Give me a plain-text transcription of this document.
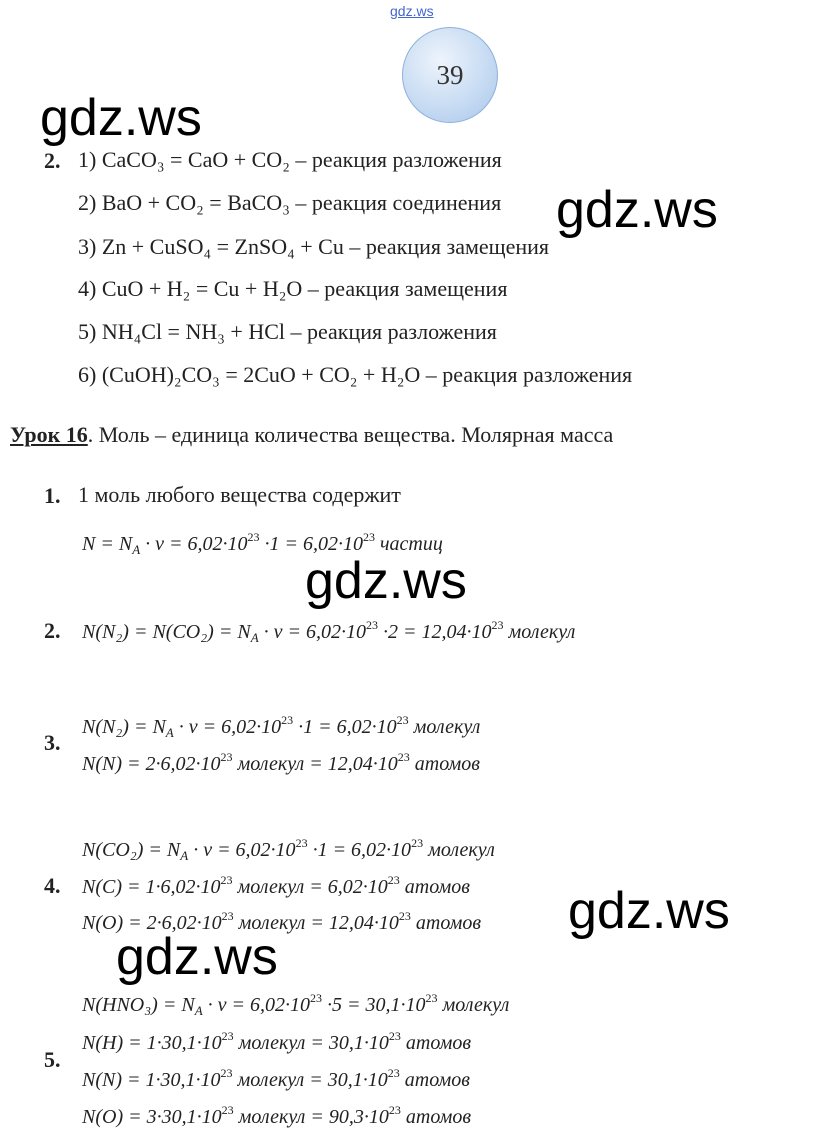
gdz.ws
39
gdz.ws
gdz.ws
gdz.ws
gdz.ws
gdz.ws
2. 1) CaCO₃ = CaO + CO₂ – реакция разложения
2) BaO + CO₂ = BaCO₃ – реакция соединения
3) Zn + CuSO₄ = ZnSO₄ + Cu – реакция замещения
4) CuO + H₂ = Cu + H₂O – реакция замещения
5) NH₄Cl = NH₃ + HCl – реакция разложения
6) (CuOH)₂CO₃ = 2CuO + CO₂ + H₂O – реакция разложения
Урок 16. Моль – единица количества вещества. Молярная масса
1. 1 моль любого вещества содержит
$N = N_A \cdot \nu = 6,02\cdot 10^{23} \cdot 1 = 6,02\cdot 10^{23}$ частиц
2. $N(N_2) = N(CO_2) = N_A \cdot \nu = 6,02\cdot 10^{23} \cdot 2 = 12,04\cdot 10^{23}$ молекул
3.
$N(N_2) = N_A \cdot \nu = 6,02\cdot 10^{23} \cdot 1 = 6,02\cdot 10^{23}$ молекул
$N(N) = 2\cdot 6,02\cdot 10^{23}$ молекул = $12,04\cdot 10^{23}$ атомов
4.
$N(CO_2) = N_A \cdot \nu = 6,02\cdot 10^{23} \cdot 1 = 6,02\cdot 10^{23}$ молекул
$N(C) = 1\cdot 6,02\cdot 10^{23}$ молекул = $6,02\cdot 10^{23}$ атомов
$N(O) = 2\cdot 6,02\cdot 10^{23}$ молекул = $12,04\cdot 10^{23}$ атомов
5.
$N(HNO_3) = N_A \cdot \nu = 6,02\cdot 10^{23} \cdot 5 = 30,1\cdot 10^{23}$ молекул
$N(H) = 1\cdot 30,1\cdot 10^{23}$ молекул = $30,1\cdot 10^{23}$ атомов
$N(N) = 1\cdot 30,1\cdot 10^{23}$ молекул = $30,1\cdot 10^{23}$ атомов
$N(O) = 3\cdot 30,1\cdot 10^{23}$ молекул = $90,3\cdot 10^{23}$ атомов
